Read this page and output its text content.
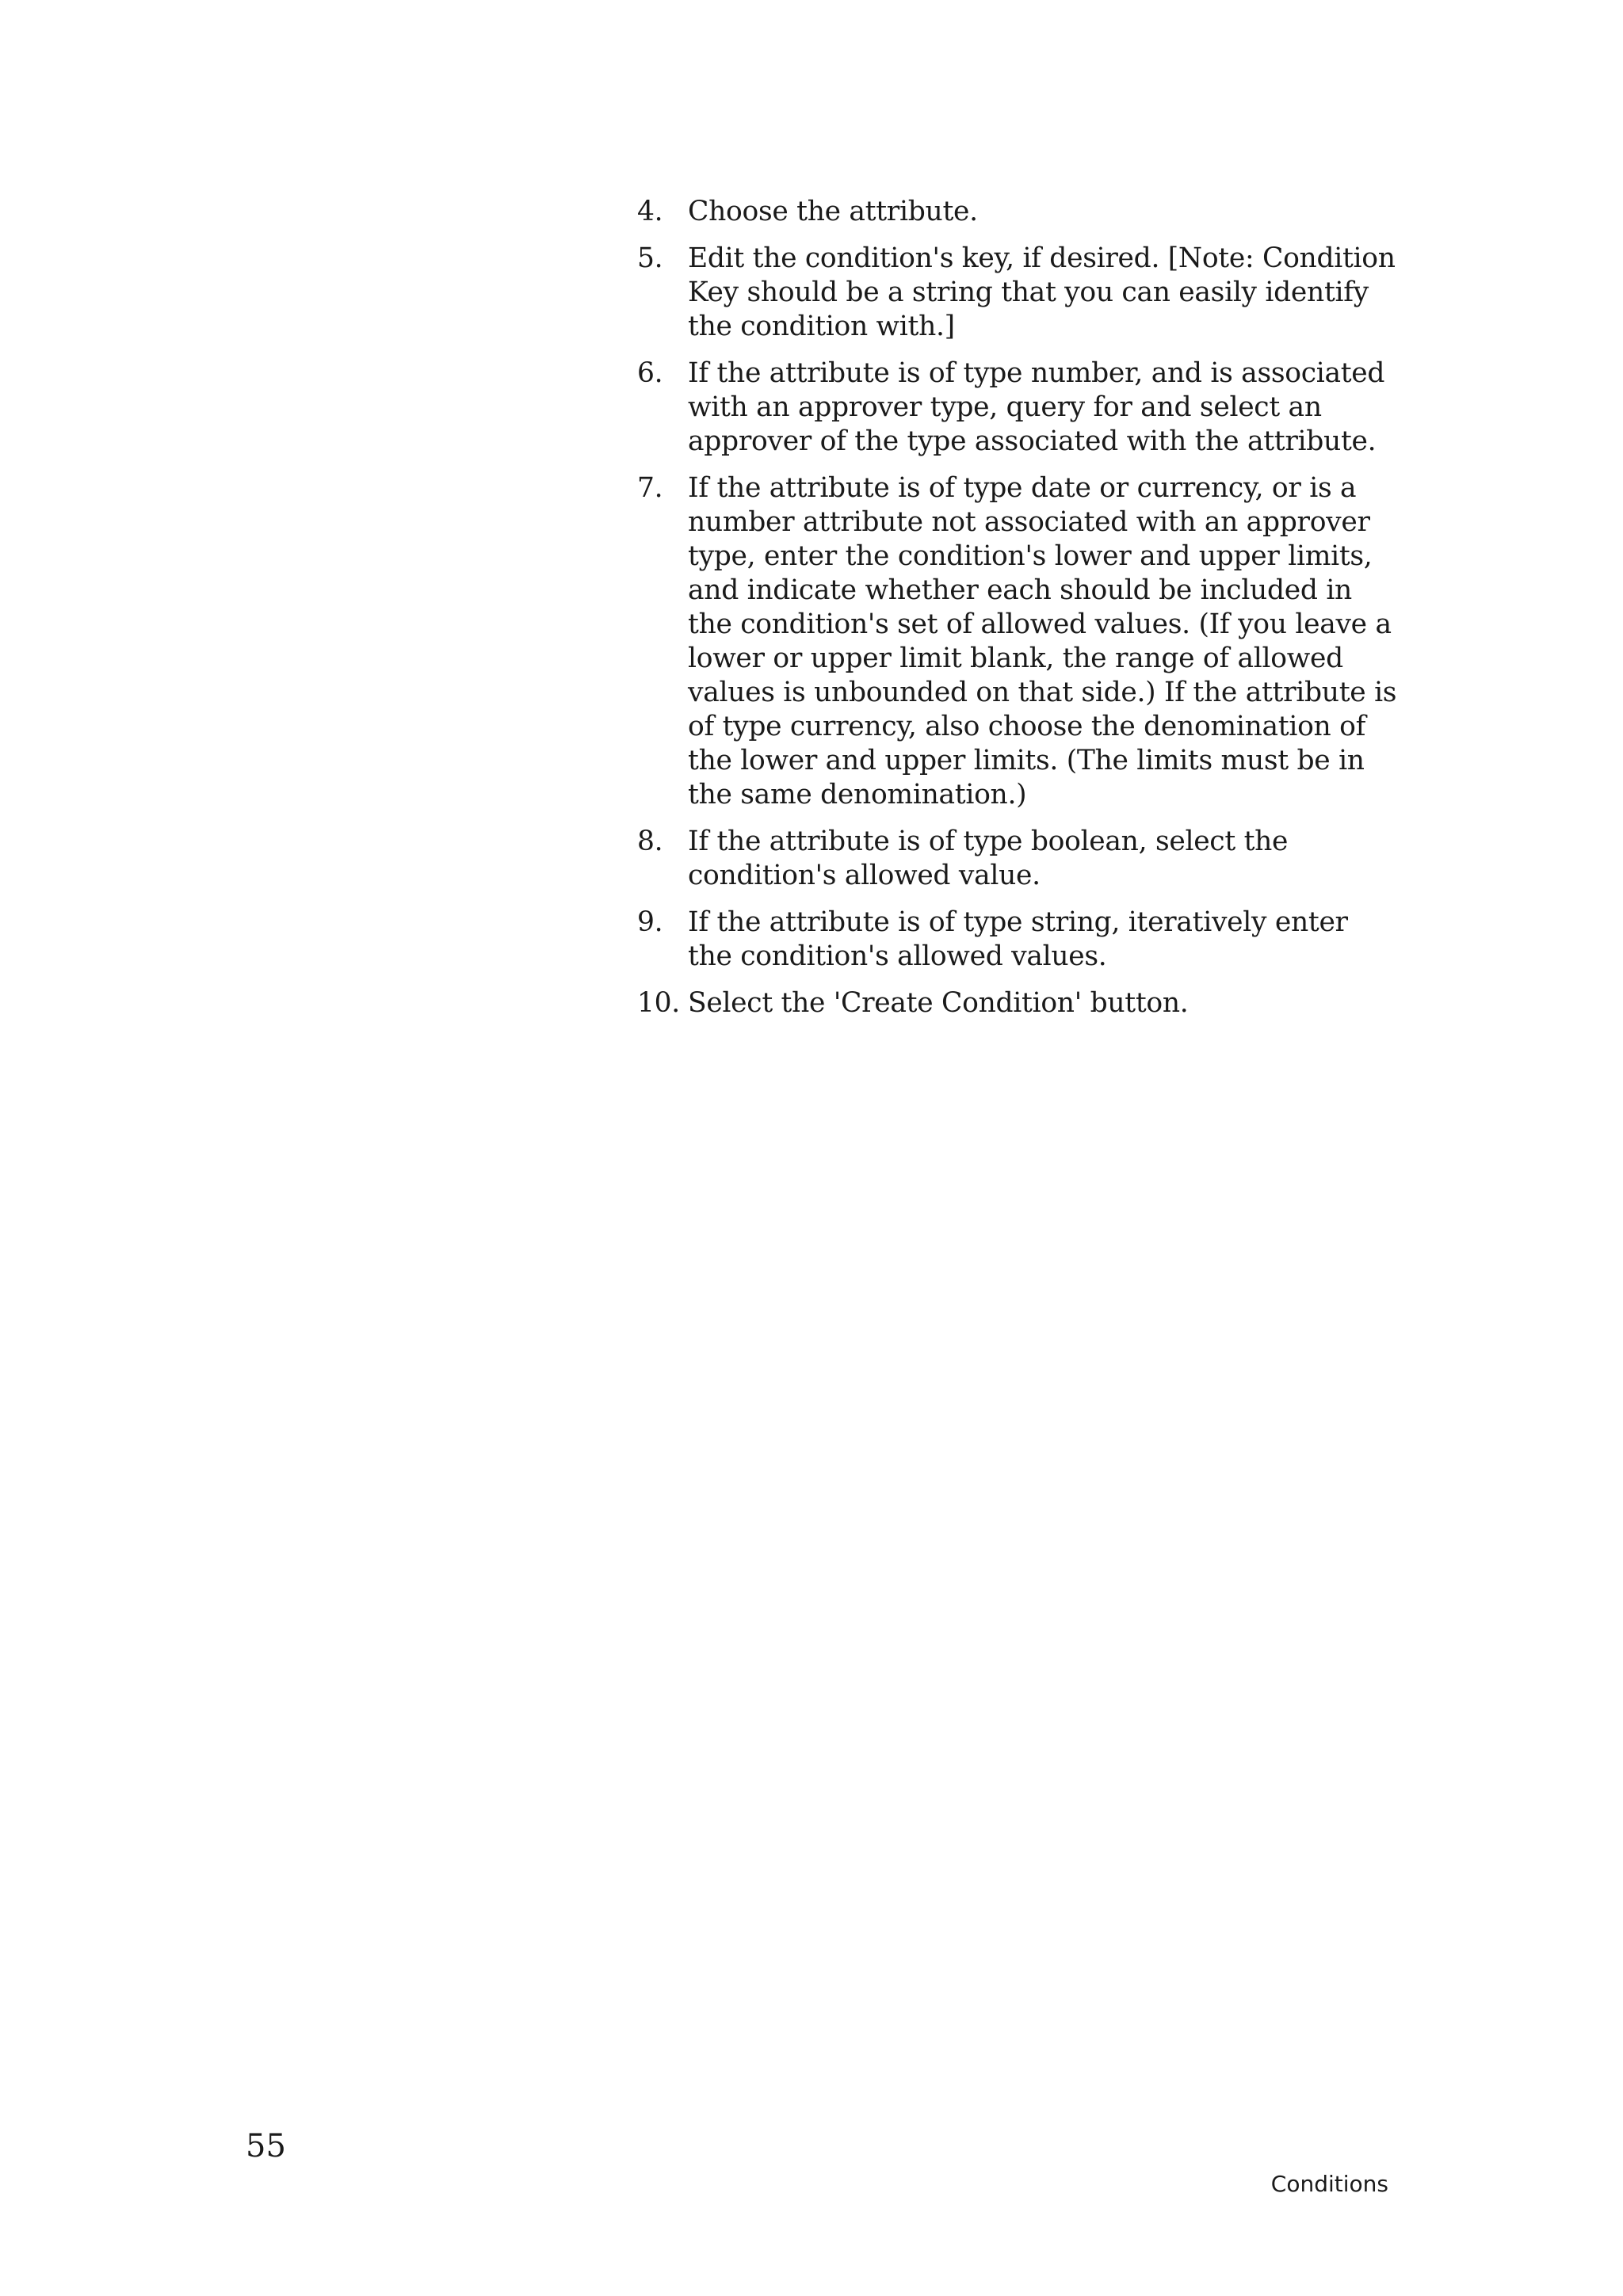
4. Choose the attribute.
5. Edit the condition's key, if desired. [Note: Condition Key should be a string that you can easily identify the condition with.]
6. If the attribute is of type number, and is associated with an approver type, query for and select an approver of the type associated with the attribute.
7. If the attribute is of type date or currency, or is a number attribute not associated with an approver type, enter the condition's lower and upper limits, and indicate whether each should be included in the condition's set of allowed values. (If you leave a lower or upper limit blank, the range of allowed values is unbounded on that side.) If the attribute is of type currency, also choose the denomination of the lower and upper limits. (The limits must be in the same denomination.)
8. If the attribute is of type boolean, select the condition's allowed value.
9. If the attribute is of type string, iteratively enter the condition's allowed values.
10. Select the 'Create Condition' button.
55
Conditions
